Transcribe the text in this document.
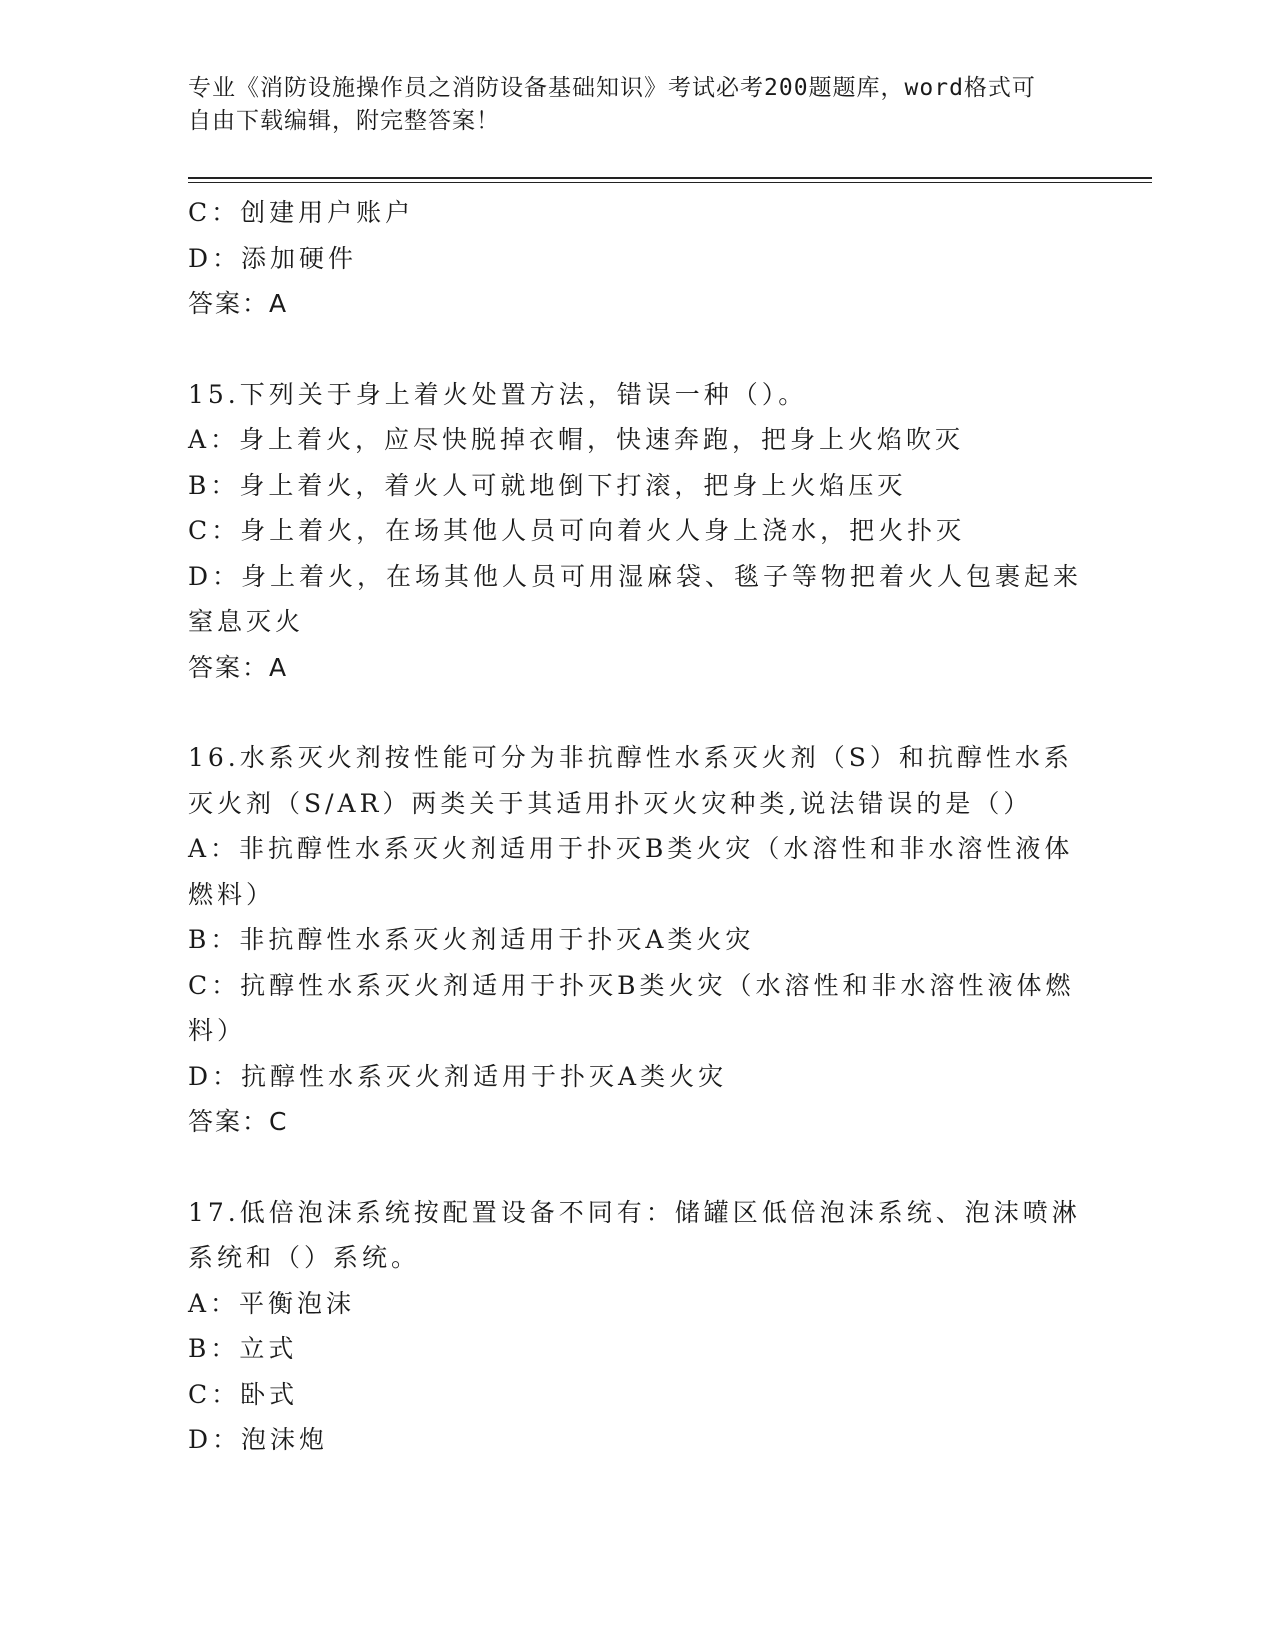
专业《消防设施操作员之消防设备基础知识》考试必考200题题库，word格式可
自由下载编辑，附完整答案！
C：创建用户账户
D：添加硬件
答案：A
15.下列关于身上着火处置方法，错误一种（）。
A：身上着火，应尽快脱掉衣帽，快速奔跑，把身上火焰吹灭
B：身上着火，着火人可就地倒下打滚，把身上火焰压灭
C：身上着火，在场其他人员可向着火人身上浇水，把火扑灭
D：身上着火，在场其他人员可用湿麻袋、毯子等物把着火人包裹起来
窒息灭火
答案：A
16.水系灭火剂按性能可分为非抗醇性水系灭火剂（S）和抗醇性水系
灭火剂（S/AR）两类关于其适用扑灭火灾种类,说法错误的是（）
A：非抗醇性水系灭火剂适用于扑灭B类火灾（水溶性和非水溶性液体
燃料）
B：非抗醇性水系灭火剂适用于扑灭A类火灾
C：抗醇性水系灭火剂适用于扑灭B类火灾（水溶性和非水溶性液体燃
料）
D：抗醇性水系灭火剂适用于扑灭A类火灾
答案：C
17.低倍泡沫系统按配置设备不同有：储罐区低倍泡沫系统、泡沫喷淋
系统和（）系统。
A：平衡泡沫
B：立式
C：卧式
D：泡沫炮
